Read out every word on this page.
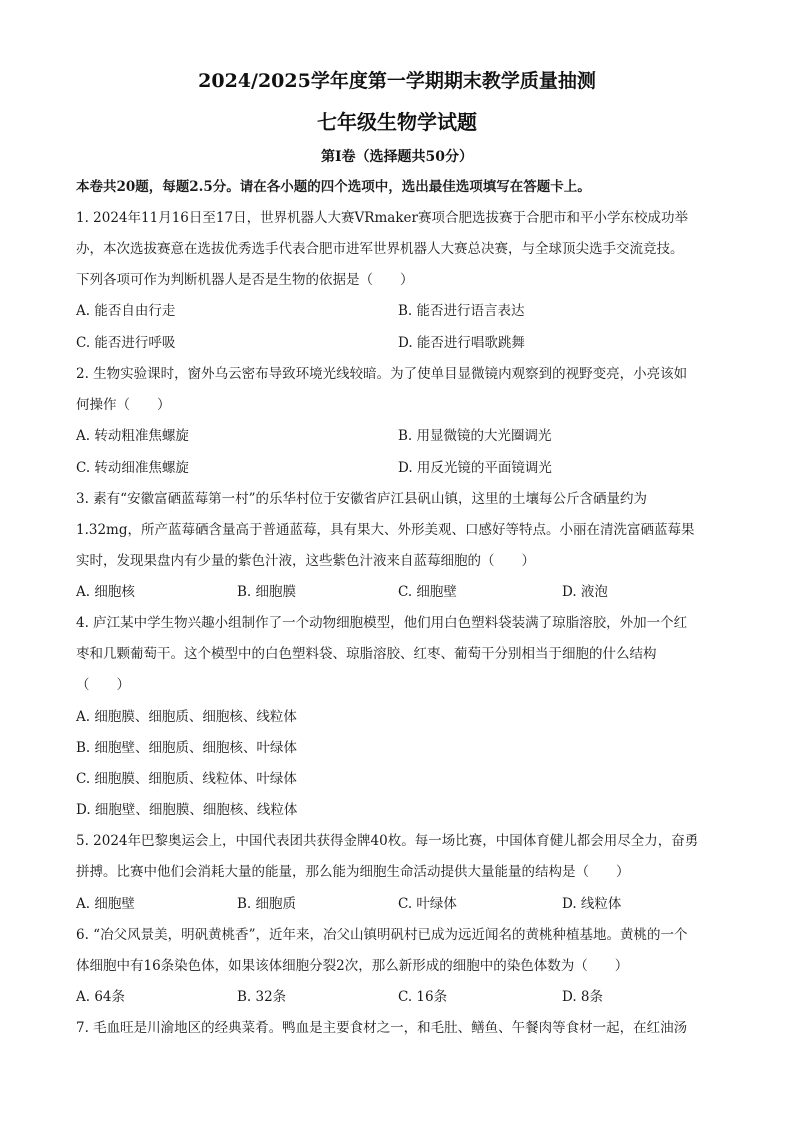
2024/2025学年度第一学期期末教学质量抽测
七年级生物学试题
第Ⅰ卷（选择题共50分）
本卷共20题，每题2.5分。请在各小题的四个选项中，选出最佳选项填写在答题卡上。
1. 2024年11月16日至17日，世界机器人大赛VRmaker赛项合肥选拔赛于合肥市和平小学东校成功举
办，本次选拔赛意在选拔优秀选手代表合肥市进军世界机器人大赛总决赛，与全球顶尖选手交流竞技。
下列各项可作为判断机器人是否是生物的依据是（　　）
A. 能否自由行走	B. 能否进行语言表达
C. 能否进行呼吸	D. 能否进行唱歌跳舞
2. 生物实验课时，窗外乌云密布导致环境光线较暗。为了使单目显微镜内观察到的视野变亮，小亮该如
何操作（　　）
A. 转动粗准焦螺旋	B. 用显微镜的大光圈调光
C. 转动细准焦螺旋	D. 用反光镜的平面镜调光
3. 素有“安徽富硒蓝莓第一村”的乐华村位于安徽省庐江县矾山镇，这里的土壤每公斤含硒量约为
1.32mg，所产蓝莓硒含量高于普通蓝莓，具有果大、外形美观、口感好等特点。小丽在清洗富硒蓝莓果
实时，发现果盘内有少量的紫色汁液，这些紫色汁液来自蓝莓细胞的（　　）
A. 细胞核	B. 细胞膜	C. 细胞壁	D. 液泡
4. 庐江某中学生物兴趣小组制作了一个动物细胞模型，他们用白色塑料袋装满了琼脂溶胶，外加一个红
枣和几颗葡萄干。这个模型中的白色塑料袋、琼脂溶胶、红枣、葡萄干分别相当于细胞的什么结构
（　　）
A. 细胞膜、细胞质、细胞核、线粒体
B. 细胞壁、细胞质、细胞核、叶绿体
C. 细胞膜、细胞质、线粒体、叶绿体
D. 细胞壁、细胞膜、细胞核、线粒体
5. 2024年巴黎奥运会上，中国代表团共获得金牌40枚。每一场比赛，中国体育健儿都会用尽全力，奋勇
拼搏。比赛中他们会消耗大量的能量，那么能为细胞生命活动提供大量能量的结构是（　　）
A. 细胞壁	B. 细胞质	C. 叶绿体	D. 线粒体
6. “冶父风景美，明矾黄桃香”，近年来，冶父山镇明矾村已成为远近闻名的黄桃种植基地。黄桃的一个
体细胞中有16条染色体，如果该体细胞分裂2次，那么新形成的细胞中的染色体数为（　　）
A. 64条	B. 32条	C. 16条	D. 8条
7. 毛血旺是川渝地区的经典菜肴。鸭血是主要食材之一，和毛肚、鳝鱼、午餐肉等食材一起，在红油汤
